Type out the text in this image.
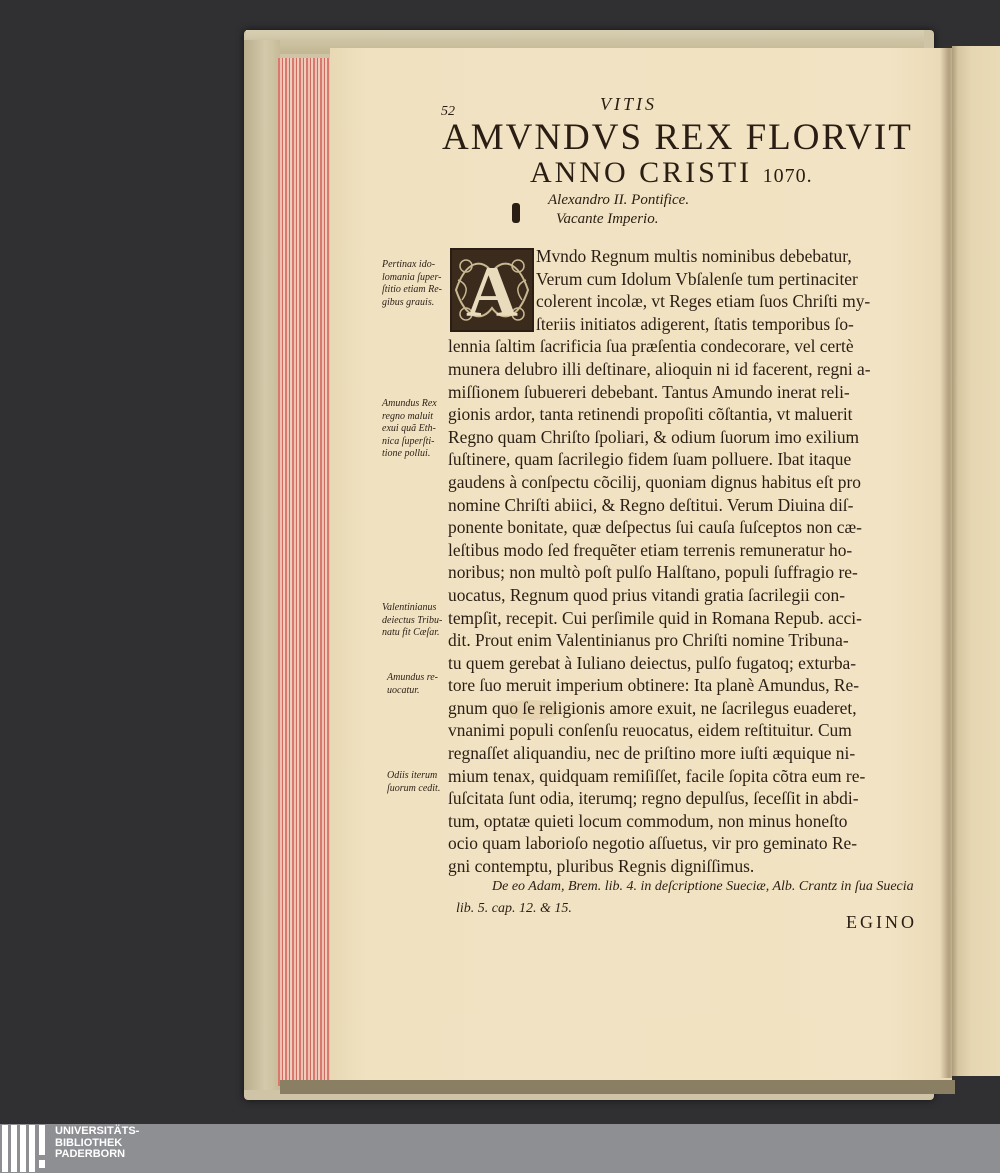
52	VITIS
AMVNDVS REX FLORVIT
ANNO CRISTI 1070.
Alexandro II. Pontifice.
Vacante Imperio.
A	Mvndo Regnum multis nominibus debebatur,
Verum cum Idolum Vbſalenſe tum pertinaciter
colerent incolæ, vt Reges etiam ſuos Chriſti my-
ſteriis initiatos adigerent, ſtatis temporibus ſo-
lennia ſaltim ſacrificia ſua præſentia condecorare, vel certè
munera delubro illi deſtinare, alioquin ni id facerent, regni a-
miſſionem ſubuereri debebant. Tantus Amundo inerat reli-
gionis ardor, tanta retinendi propoſiti cõſtantia, vt maluerit
Regno quam Chriſto ſpoliari, & odium ſuorum imo exilium
ſuſtinere, quam ſacrilegio fidem ſuam polluere. Ibat itaque
gaudens à conſpectu cõcilij, quoniam dignus habitus eſt pro
nomine Chriſti abiici, & Regno deſtitui. Verum Diuina diſ-
ponente bonitate, quæ deſpectus ſui cauſa ſuſceptos non cæ-
leſtibus modo ſed frequẽter etiam terrenis remuneratur ho-
noribus; non multò poſt pulſo Halſtano, populi ſuffragio re-
uocatus, Regnum quod prius vitandi gratia ſacrilegii con-
tempſit, recepit. Cui perſimile quid in Romana Repub. acci-
dit. Prout enim Valentinianus pro Chriſti nomine Tribuna-
tu quem gerebat à Iuliano deiectus, pulſo fugatoq; exturba-
tore ſuo meruit imperium obtinere: Ita planè Amundus, Re-
gnum quo ſe religionis amore exuit, ne ſacrilegus euaderet,
vnanimi populi conſenſu reuocatus, eidem reſtituitur. Cum
regnaſſet aliquandiu, nec de priſtino more iuſti æquique ni-
mium tenax, quidquam remiſiſſet, facile ſopita cõtra eum re-
ſuſcitata ſunt odia, iterumq; regno depulſus, ſeceſſit in abdi-
tum, optatæ quieti locum commodum, non minus honeſto
ocio quam laborioſo negotio aſſuetus, vir pro geminato Re-
gni contemptu, pluribus Regnis digniſſimus.
Pertinax ido-
lomania ſuper-
ſtitio etiam Re-
gibus grauis.
Amundus Rex
regno maluit
exui quã Eth-
nica ſuperſti-
tione pollui.
Valentinianus
deiectus Tribu-
natu fit Cæſar.
Amundus re-
uocatur.
Odiis iterum
ſuorum cedit.
De eo Adam, Brem. lib. 4. in deſcriptione Sueciæ, Alb. Crantz in ſua Suecia
lib. 5. cap. 12. & 15.
EGINO
UNIVERSITÄTS-
BIBLIOTHEK
PADERBORN
